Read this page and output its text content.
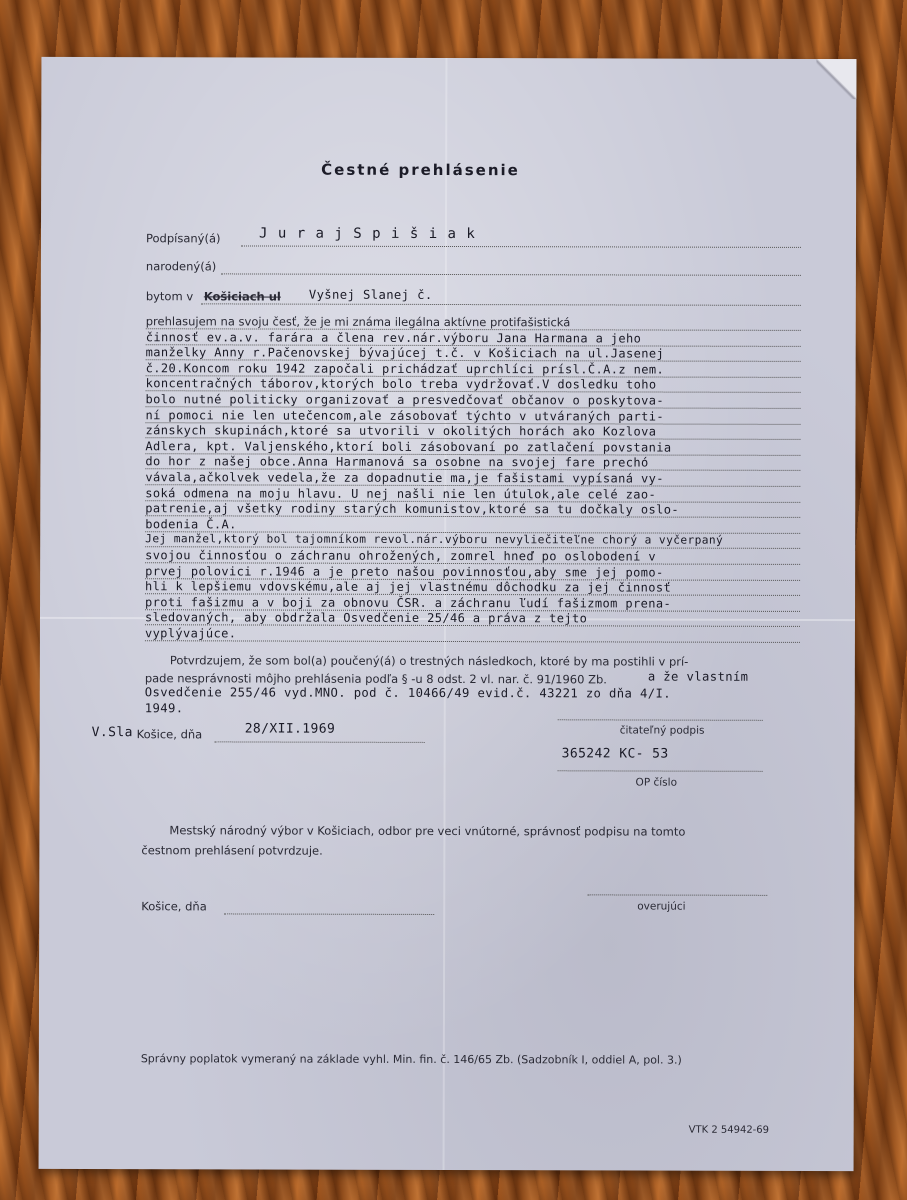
Čestné prehlásenie
Podpísaný(á)	J u r a j S p i š i a k
narodený(á)
bytom v Košiciach ul Vyšnej Slanej č.
prehlasujem na svoju česť, že je mi známa ilegálna aktívne protifašistická
činnosť ev.a.v. farára a člena rev.nár.výboru Jana Harmana a jeho
manželky Anny r.Pačenovskej bývajúcej t.č. v Košiciach na ul.Jasenej
č.20.Koncom roku 1942 započali prichádzať uprchlíci prísl.Č.A.z nem.
koncentračných táborov,ktorých bolo treba vydržovať.V dosledku toho
bolo nutné politicky organizovať a presvedčovať občanov o poskytova-
ní pomoci nie len utečencom,ale zásobovať týchto v utváraných parti-
zánskych skupinách,ktoré sa utvorili v okolitých horách ako Kozlova
Adlera, kpt. Valjenského,ktorí boli zásobovaní po zatlačení povstania
do hor z našej obce.Anna Harmanová sa osobne na svojej fare prechó
vávala,ačkolvek vedela,že za dopadnutie ma,je fašistami vypísaná vy-
soká odmena na moju hlavu. U nej našli nie len útulok,ale celé zao-
patrenie,aj všetky rodiny starých komunistov,ktoré sa tu dočkaly oslo-
bodenia Č.A.
Jej manžel,ktorý bol tajomníkom revol.nár.výboru nevyliečiteľne chorý a vyčerpaný
svojou činnosťou o záchranu ohrožených, zomrel hneď po oslobodení v
prvej polovici r.1946 a je preto našou povinnosťou,aby sme jej pomo-
hli k lepšiemu vdovskému,ale aj jej vlastnému dôchodku za jej činnosť
proti fašizmu a v boji za obnovu ČSR. a záchranu ľudí fašizmom prena-
sledovaných, aby obdržala Osvedčenie 25/46 a práva z tejto
vyplývajúce.
Potvrdzujem, že som bol(a) poučený(á) o trestných následkoch, ktoré by ma postihli v prí-
pade nesprávnosti môjho prehlásenia podľa § -u 8 odst. 2 vl. nar. č. 91/1960 Zb.	a že vlastním
Osvedčenie 255/46 vyd.MNO. pod č. 10466/49 evid.č. 43221 zo dňa 4/I.
1949.
V.Sla Košice, dňa	28/XII.1969	čitateľný podpis
365242 KC- 53
OP číslo
Mestský národný výbor v Košiciach, odbor pre veci vnútorné, správnosť podpisu na tomto
čestnom prehlásení potvrdzuje.
Košice, dňa	overujúci
Správny poplatok vymeraný na základe vyhl. Min. fin. č. 146/65 Zb. (Sadzobník I, oddiel A, pol. 3.)
VTK 2 54942-69
